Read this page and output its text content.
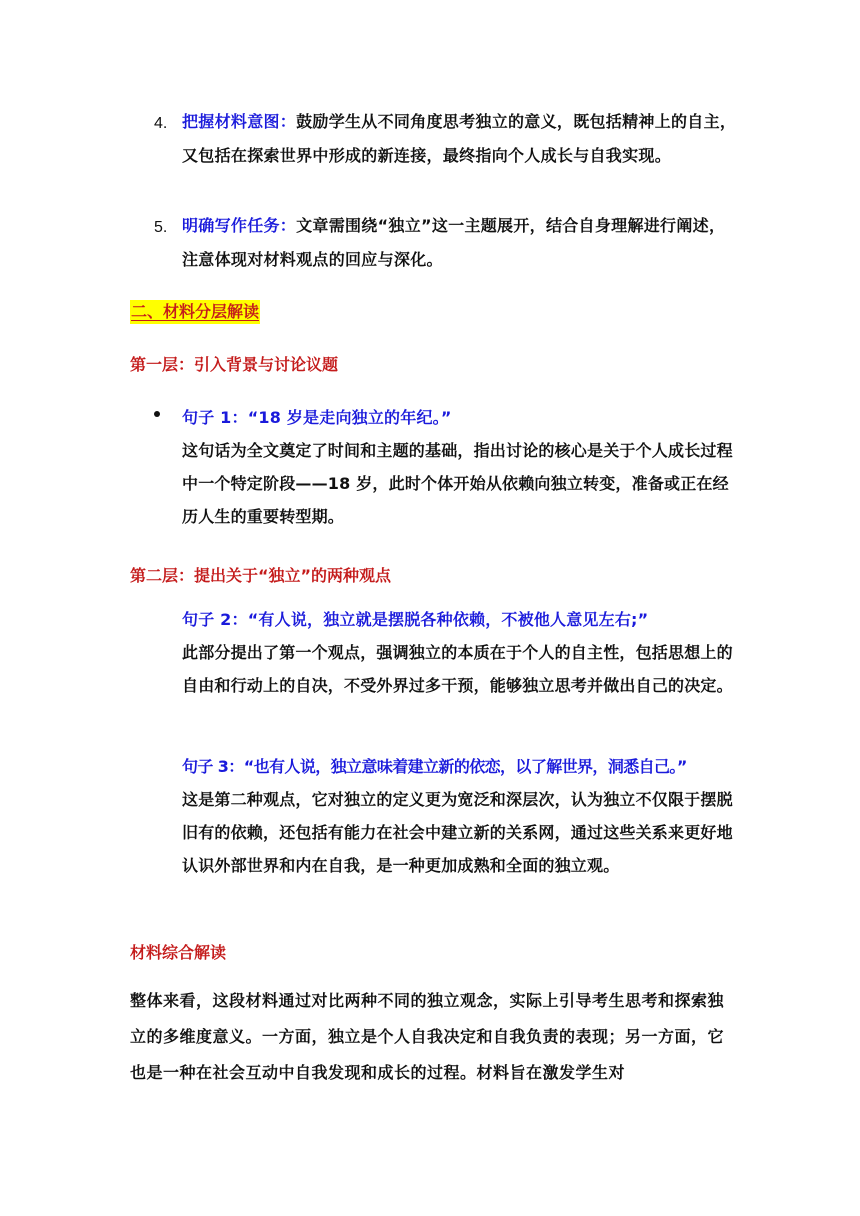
4. 把握材料意图：鼓励学生从不同角度思考独立的意义，既包括精神上的自主，又包括在探索世界中形成的新连接，最终指向个人成长与自我实现。
5. 明确写作任务：文章需围绕“独立”这一主题展开，结合自身理解进行阐述，注意体现对材料观点的回应与深化。
二、材料分层解读
第一层：引入背景与讨论议题
句子 1：“18 岁是走向独立的年纪。”
这句话为全文奠定了时间和主题的基础，指出讨论的核心是关于个人成长过程中一个特定阶段——18 岁，此时个体开始从依赖向独立转变，准备或正在经历人生的重要转型期。
第二层：提出关于“独立”的两种观点
句子 2：“有人说，独立就是摆脱各种依赖，不被他人意见左右;”
此部分提出了第一个观点，强调独立的本质在于个人的自主性，包括思想上的自由和行动上的自决，不受外界过多干预，能够独立思考并做出自己的决定。
句子 3：“也有人说，独立意味着建立新的依恋，以了解世界，洞悉自己。”
这是第二种观点，它对独立的定义更为宽泛和深层次，认为独立不仅限于摆脱旧有的依赖，还包括有能力在社会中建立新的关系网，通过这些关系来更好地认识外部世界和内在自我，是一种更加成熟和全面的独立观。
材料综合解读
整体来看，这段材料通过对比两种不同的独立观念，实际上引导考生思考和探索独立的多维度意义。一方面，独立是个人自我决定和自我负责的表现；另一方面，它也是一种在社会互动中自我发现和成长的过程。材料旨在激发学生对
